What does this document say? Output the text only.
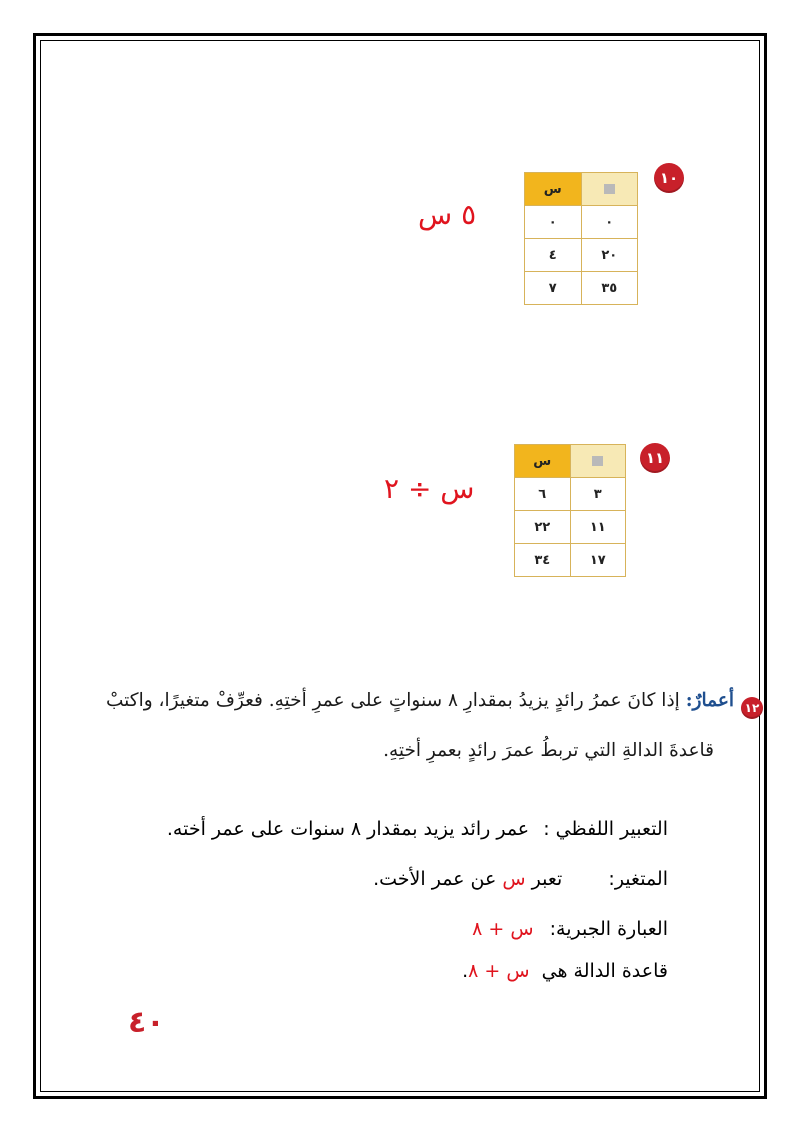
١٠
	س
٠	٠
٢٠	٤
٣٥	٧
٥ س
١١
	س
٣	٦
١١	٢٢
١٧	٣٤
س ÷ ٢
١٢
أعمارٌ: إذا كانَ عمرُ رائدٍ يزيدُ بمقدارِ ٨ سنواتٍ على عمرِ أختِهِ. فعرِّفْ متغيرًا، واكتبْ
قاعدةَ الدالةِ التي تربطُ عمرَ رائدٍ بعمرِ أختِهِ.
التعبير اللفظي : عمر رائد يزيد بمقدار ٨ سنوات على عمر أخته.
المتغير:  تعبر س عن عمر الأخت.
العبارة الجبرية: س + ٨
قاعدة الدالة هي س + ٨.
٤٠
